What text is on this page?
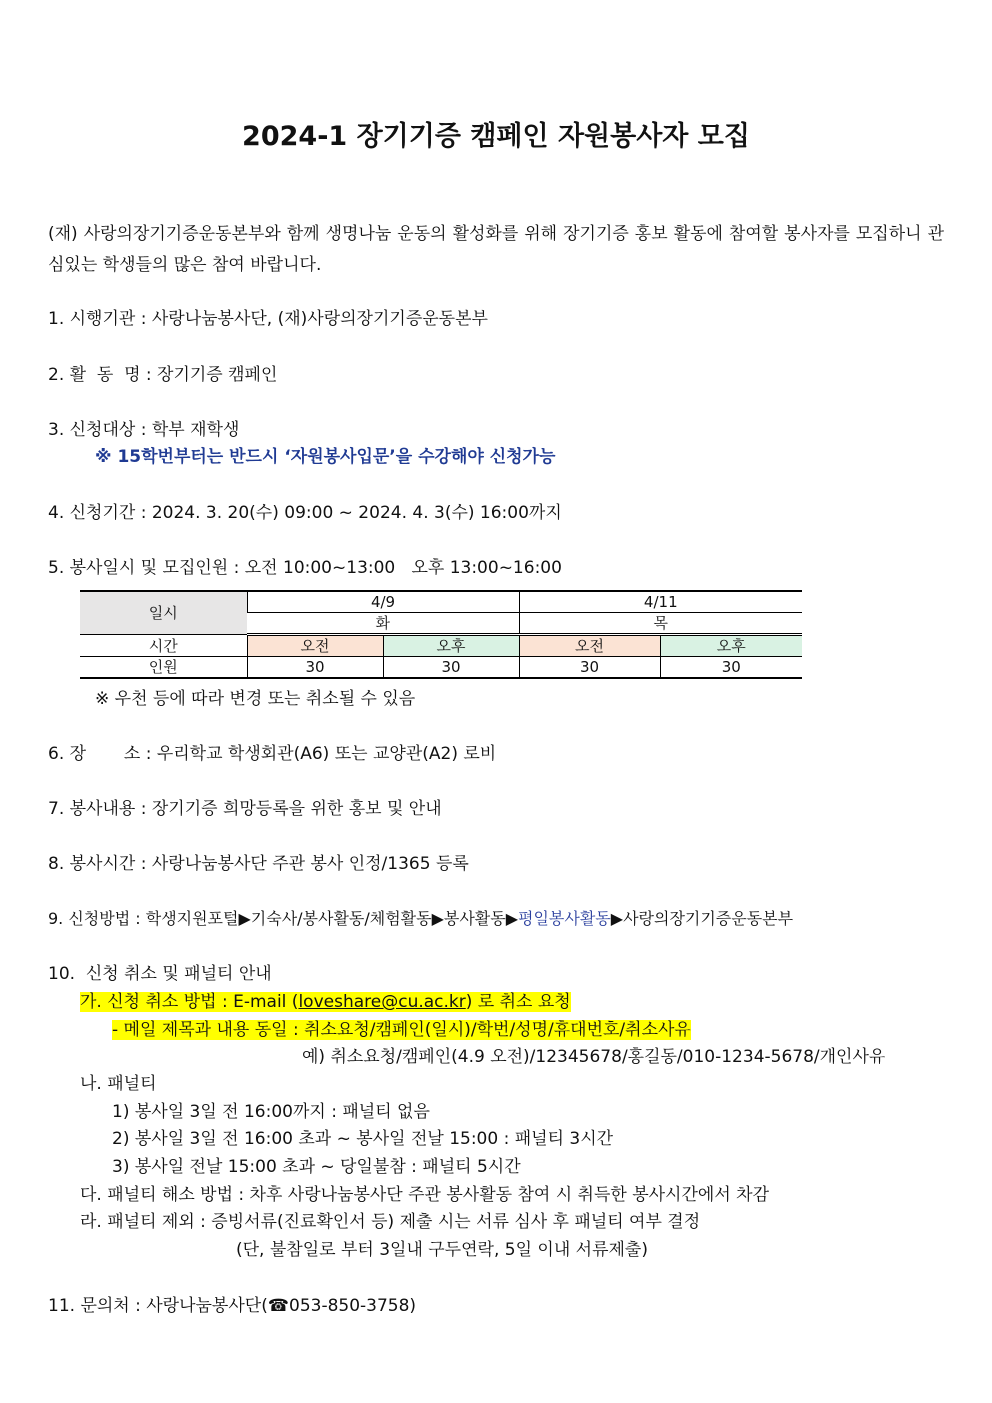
2024-1 장기기증 캠페인 자원봉사자 모집
(재) 사랑의장기기증운동본부와 함께 생명나눔 운동의 활성화를 위해 장기기증 홍보 활동에 참여할 봉사자를 모집하니 관심있는 학생들의 많은 참여 바랍니다.
1. 시행기관 : 사랑나눔봉사단, (재)사랑의장기기증운동본부
2. 활  동  명 : 장기기증 캠페인
3. 신청대상 : 학부 재학생
※ 15학번부터는 반드시 ‘자원봉사입문’을 수강해야 신청가능
4. 신청기간 : 2024. 3. 20(수) 09:00 ~ 2024. 4. 3(수) 16:00까지
5. 봉사일시 및 모집인원 : 오전 10:00~13:00   오후 13:00~16:00
일시	4/9		4/11	
	화		목	
시간	오전	오후	오전	오후
인원	30	30	30	30
※ 우천 등에 따라 변경 또는 취소될 수 있음
6. 장       소 : 우리학교 학생회관(A6) 또는 교양관(A2) 로비
7. 봉사내용 : 장기기증 희망등록을 위한 홍보 및 안내
8. 봉사시간 : 사랑나눔봉사단 주관 봉사 인정/1365 등록
9. 신청방법 : 학생지원포털▶기숙사/봉사활동/체험활동▶봉사활동▶평일봉사활동▶사랑의장기기증운동본부
10.  신청 취소 및 패널티 안내
가. 신청 취소 방법 : E-mail (loveshare@cu.ac.kr) 로 취소 요청
- 메일 제목과 내용 동일 : 취소요청/캠페인(일시)/학번/성명/휴대번호/취소사유
예) 취소요청/캠페인(4.9 오전)/12345678/홍길동/010-1234-5678/개인사유
나. 패널티
1) 봉사일 3일 전 16:00까지 : 패널티 없음
2) 봉사일 3일 전 16:00 초과 ~ 봉사일 전날 15:00 : 패널티 3시간
3) 봉사일 전날 15:00 초과 ~ 당일불참 : 패널티 5시간
다. 패널티 해소 방법 : 차후 사랑나눔봉사단 주관 봉사활동 참여 시 취득한 봉사시간에서 차감
라. 패널티 제외 : 증빙서류(진료확인서 등) 제출 시는 서류 심사 후 패널티 여부 결정
(단, 불참일로 부터 3일내 구두연락, 5일 이내 서류제출)
11. 문의처 : 사랑나눔봉사단(☎053-850-3758)
